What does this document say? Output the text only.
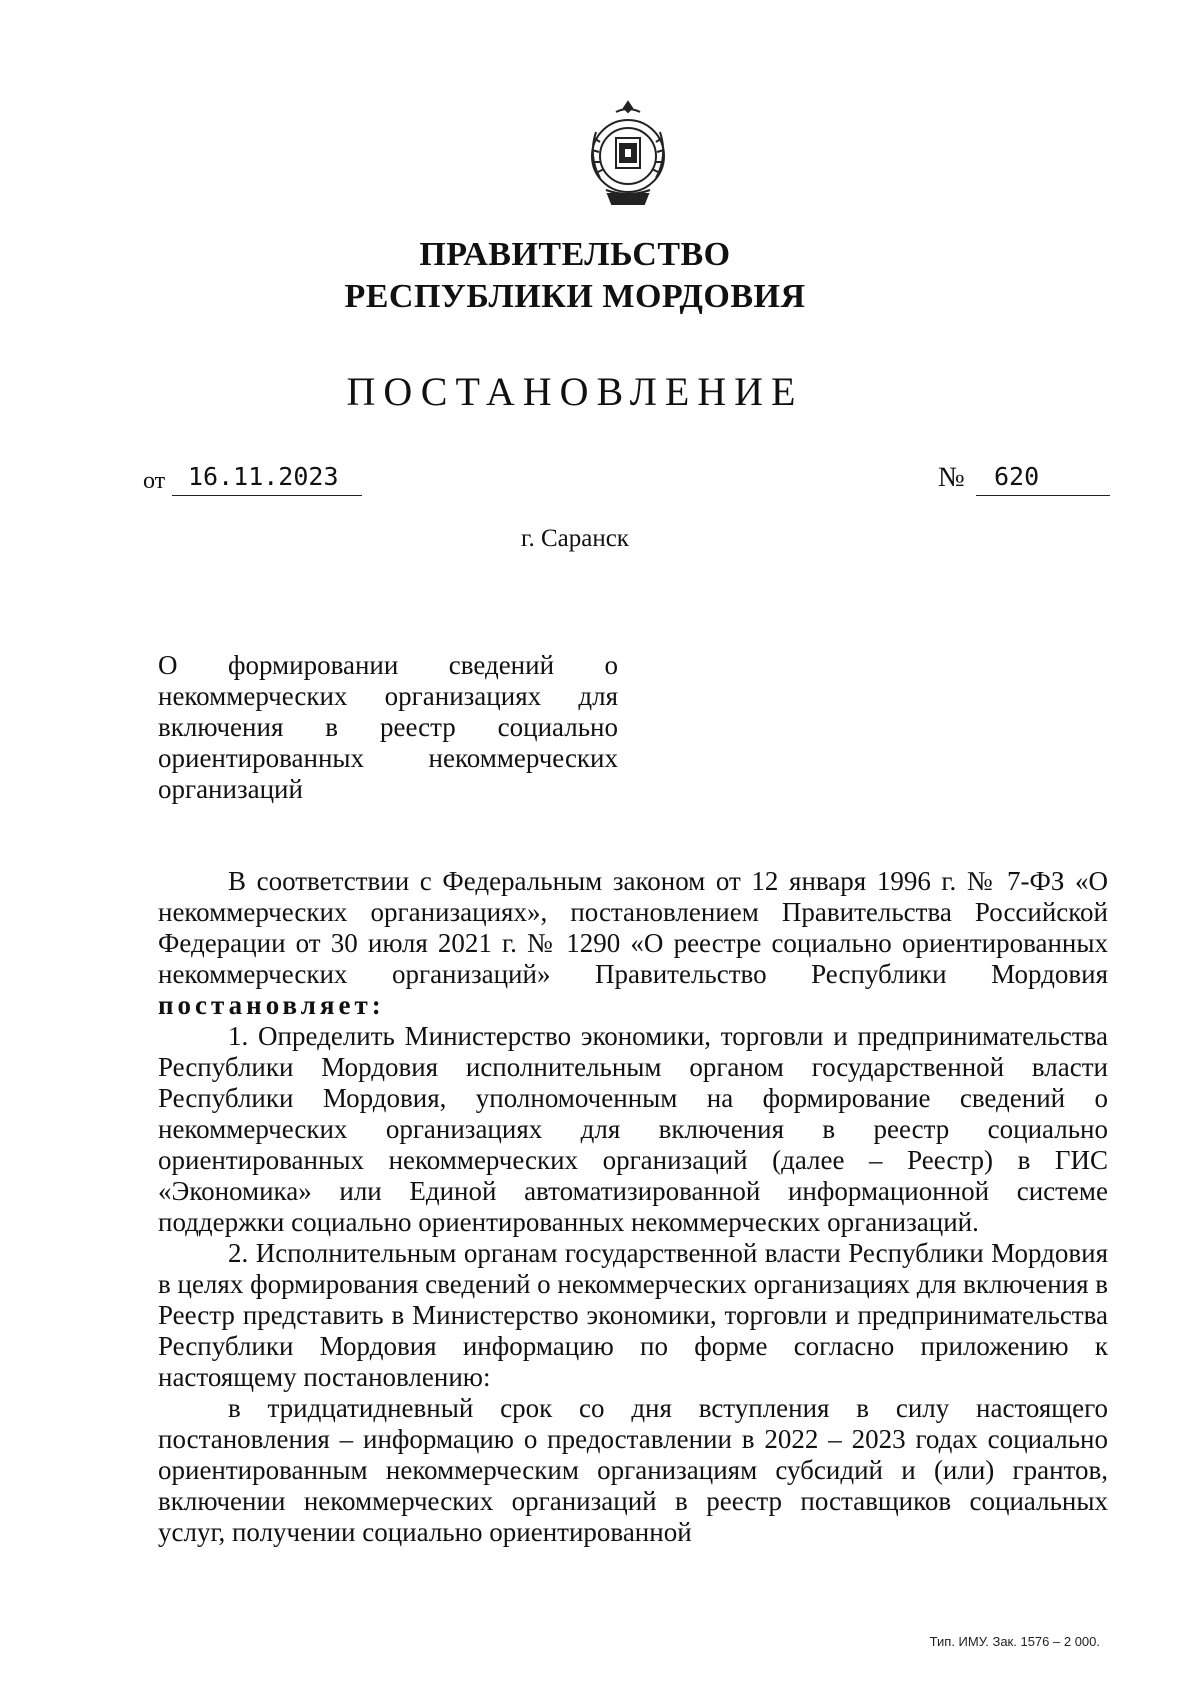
ПРАВИТЕЛЬСТВО
РЕСПУБЛИКИ МОРДОВИЯ
ПОСТАНОВЛЕНИЕ
от 16.11.2023	№	620
г. Саранск
О формировании сведений о некоммерческих организациях для включения в реестр социально ориентированных некоммерческих организаций

В соответствии с Федеральным законом от 12 января 1996 г. № 7-ФЗ «О некоммерческих организациях», постановлением Правительства Российской Федерации от 30 июля 2021 г. № 1290 «О реестре социально ориентированных некоммерческих организаций» Правительство Республики Мордовия постановляет:

1. Определить Министерство экономики, торговли и предпринимательства Республики Мордовия исполнительным органом государственной власти Республики Мордовия, уполномоченным на формирование сведений о некоммерческих организациях для включения в реестр социально ориентированных некоммерческих организаций (далее – Реестр) в ГИС «Экономика» или Единой автоматизированной информационной системе поддержки социально ориентированных некоммерческих организаций.

2. Исполнительным органам государственной власти Республики Мордовия в целях формирования сведений о некоммерческих организациях для включения в Реестр представить в Министерство экономики, торговли и предпринимательства Республики Мордовия информацию по форме согласно приложению к настоящему постановлению:

в тридцатидневный срок со дня вступления в силу настоящего постановления – информацию о предоставлении в 2022 – 2023 годах социально ориентированным некоммерческим организациям субсидий и (или) грантов, включении некоммерческих организаций в реестр поставщиков социальных услуг, получении социально ориентированной

Тип. ИМУ. Зак. 1576 – 2 000.
